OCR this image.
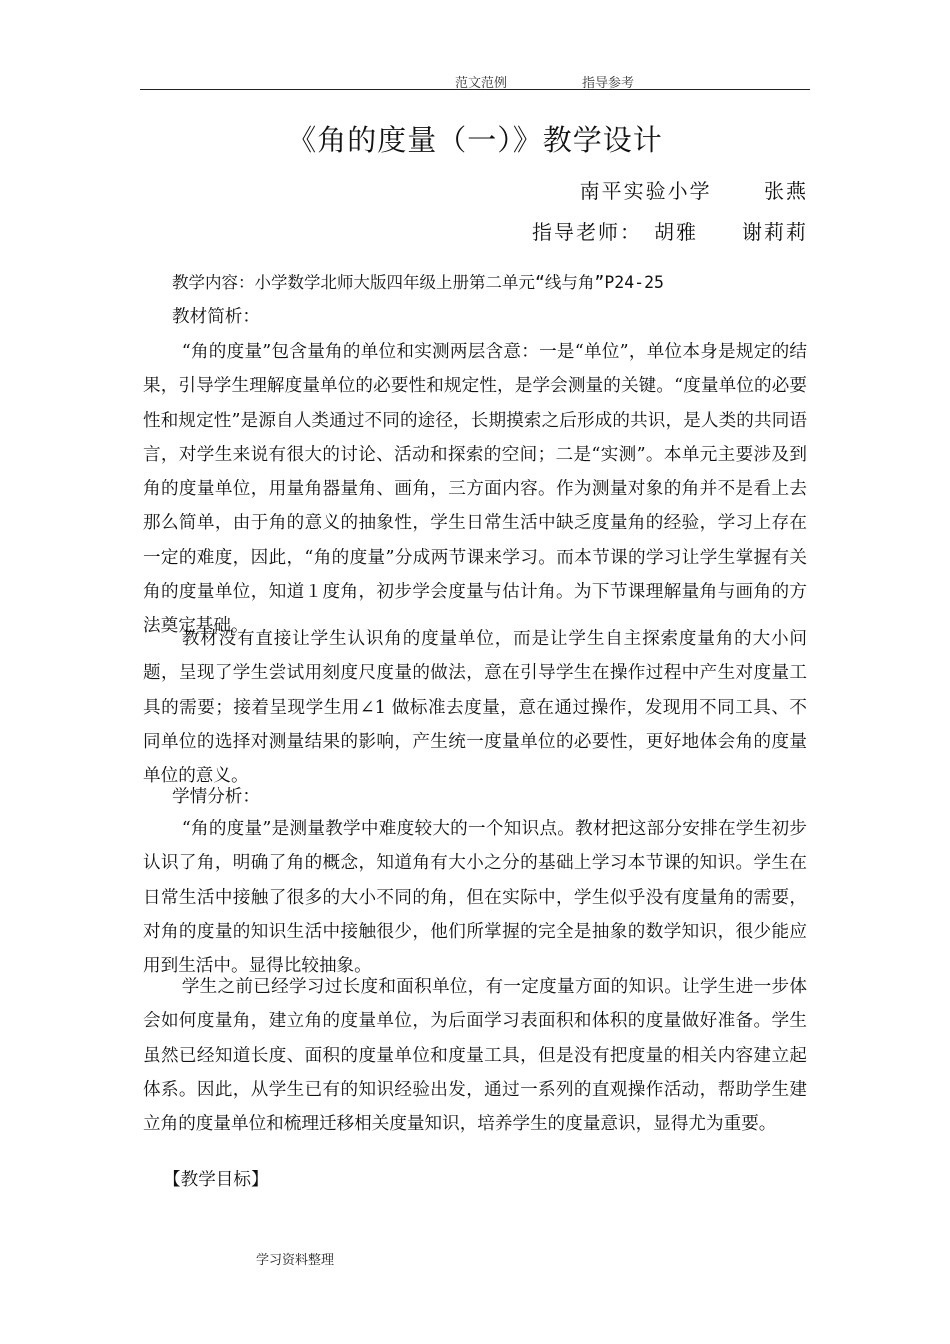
范文范例	指导参考
《角的度量（一）》教学设计
南平实验小学　　 张燕
指导老师：　胡雅　　谢莉莉
教学内容：小学数学北师大版四年级上册第二单元“线与角”P24-25
教材简析：

“角的度量”包含量角的单位和实测两层含意：一是“单位”，单位本身是规定的结果，引导学生理解度量单位的必要性和规定性，是学会测量的关键。“度量单位的必要性和规定性”是源自人类通过不同的途径，长期摸索之后形成的共识，是人类的共同语言，对学生来说有很大的讨论、活动和探索的空间；二是“实测”。本单元主要涉及到角的度量单位，用量角器量角、画角，三方面内容。作为测量对象的角并不是看上去那么简单，由于角的意义的抽象性，学生日常生活中缺乏度量角的经验，学习上存在一定的难度，因此，“角的度量”分成两节课来学习。而本节课的学习让学生掌握有关角的度量单位，知道１度角，初步学会度量与估计角。为下节课理解量角与画角的方法奠定基础。

教材没有直接让学生认识角的度量单位，而是让学生自主探索度量角的大小问题，呈现了学生尝试用刻度尺度量的做法，意在引导学生在操作过程中产生对度量工具的需要；接着呈现学生用∠1 做标准去度量，意在通过操作，发现用不同工具、不同单位的选择对测量结果的影响，产生统一度量单位的必要性，更好地体会角的度量单位的意义。

学情分析：

“角的度量”是测量教学中难度较大的一个知识点。教材把这部分安排在学生初步认识了角，明确了角的概念，知道角有大小之分的基础上学习本节课的知识。学生在日常生活中接触了很多的大小不同的角，但在实际中，学生似乎没有度量角的需要，对角的度量的知识生活中接触很少，他们所掌握的完全是抽象的数学知识，很少能应用到生活中。显得比较抽象。

学生之前已经学习过长度和面积单位，有一定度量方面的知识。让学生进一步体会如何度量角，建立角的度量单位，为后面学习表面积和体积的度量做好准备。学生虽然已经知道长度、面积的度量单位和度量工具，但是没有把度量的相关内容建立起体系。因此，从学生已有的知识经验出发，通过一系列的直观操作活动，帮助学生建立角的度量单位和梳理迁移相关度量知识，培养学生的度量意识，显得尤为重要。

【教学目标】
学习资料整理
